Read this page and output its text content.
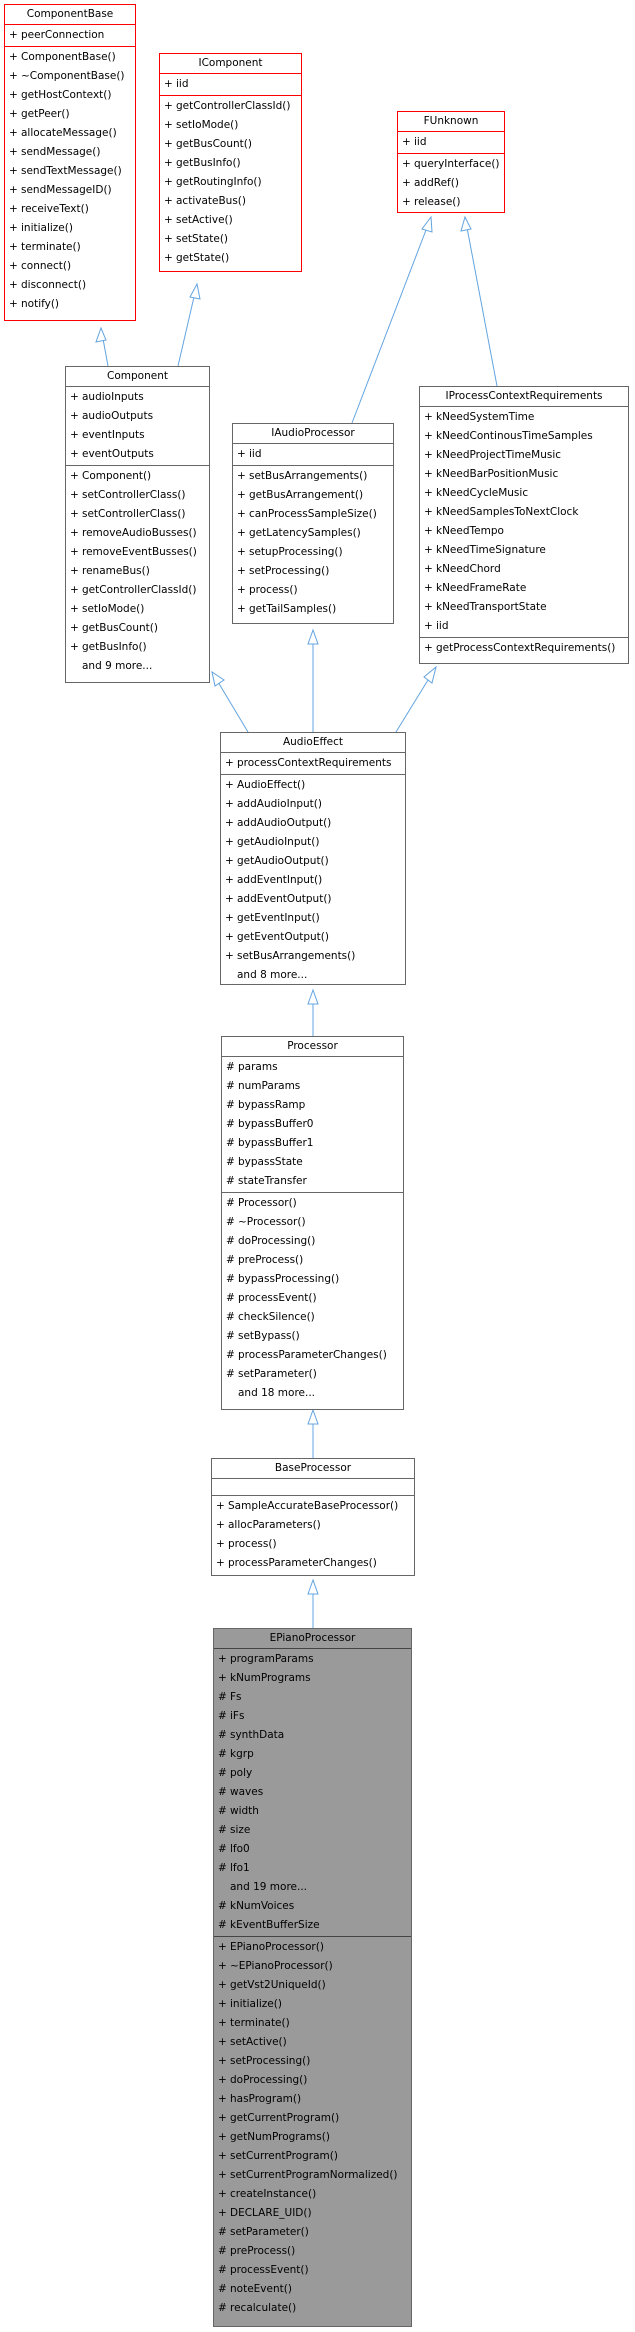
ComponentBase
+ peerConnection
+ ComponentBase()
+ ~ComponentBase()
+ getHostContext()
+ getPeer()
+ allocateMessage()
+ sendMessage()
+ sendTextMessage()
+ sendMessageID()
+ receiveText()
+ initialize()
+ terminate()
+ connect()
+ disconnect()
+ notify()
IComponent
+ iid
+ getControllerClassId()
+ setIoMode()
+ getBusCount()
+ getBusInfo()
+ getRoutingInfo()
+ activateBus()
+ setActive()
+ setState()
+ getState()
FUnknown
+ iid
+ queryInterface()
+ addRef()
+ release()
Component
+ audioInputs
+ audioOutputs
+ eventInputs
+ eventOutputs
+ Component()
+ setControllerClass()
+ setControllerClass()
+ removeAudioBusses()
+ removeEventBusses()
+ renameBus()
+ getControllerClassId()
+ setIoMode()
+ getBusCount()
+ getBusInfo()
and 9 more...
IAudioProcessor
+ iid
+ setBusArrangements()
+ getBusArrangement()
+ canProcessSampleSize()
+ getLatencySamples()
+ setupProcessing()
+ setProcessing()
+ process()
+ getTailSamples()
IProcessContextRequirements
+ kNeedSystemTime
+ kNeedContinousTimeSamples
+ kNeedProjectTimeMusic
+ kNeedBarPositionMusic
+ kNeedCycleMusic
+ kNeedSamplesToNextClock
+ kNeedTempo
+ kNeedTimeSignature
+ kNeedChord
+ kNeedFrameRate
+ kNeedTransportState
+ iid
+ getProcessContextRequirements()
AudioEffect
+ processContextRequirements
+ AudioEffect()
+ addAudioInput()
+ addAudioOutput()
+ getAudioInput()
+ getAudioOutput()
+ addEventInput()
+ addEventOutput()
+ getEventInput()
+ getEventOutput()
+ setBusArrangements()
and 8 more...
Processor
# params
# numParams
# bypassRamp
# bypassBuffer0
# bypassBuffer1
# bypassState
# stateTransfer
# Processor()
# ~Processor()
# doProcessing()
# preProcess()
# bypassProcessing()
# processEvent()
# checkSilence()
# setBypass()
# processParameterChanges()
# setParameter()
and 18 more...
BaseProcessor
+ SampleAccurateBaseProcessor()
+ allocParameters()
+ process()
+ processParameterChanges()
EPianoProcessor
+ programParams
+ kNumPrograms
# Fs
# iFs
# synthData
# kgrp
# poly
# waves
# width
# size
# lfo0
# lfo1
and 19 more...
# kNumVoices
# kEventBufferSize
+ EPianoProcessor()
+ ~EPianoProcessor()
+ getVst2UniqueId()
+ initialize()
+ terminate()
+ setActive()
+ setProcessing()
+ doProcessing()
+ hasProgram()
+ getCurrentProgram()
+ getNumPrograms()
+ setCurrentProgram()
+ setCurrentProgramNormalized()
+ createInstance()
+ DECLARE_UID()
# setParameter()
# preProcess()
# processEvent()
# noteEvent()
# recalculate()
